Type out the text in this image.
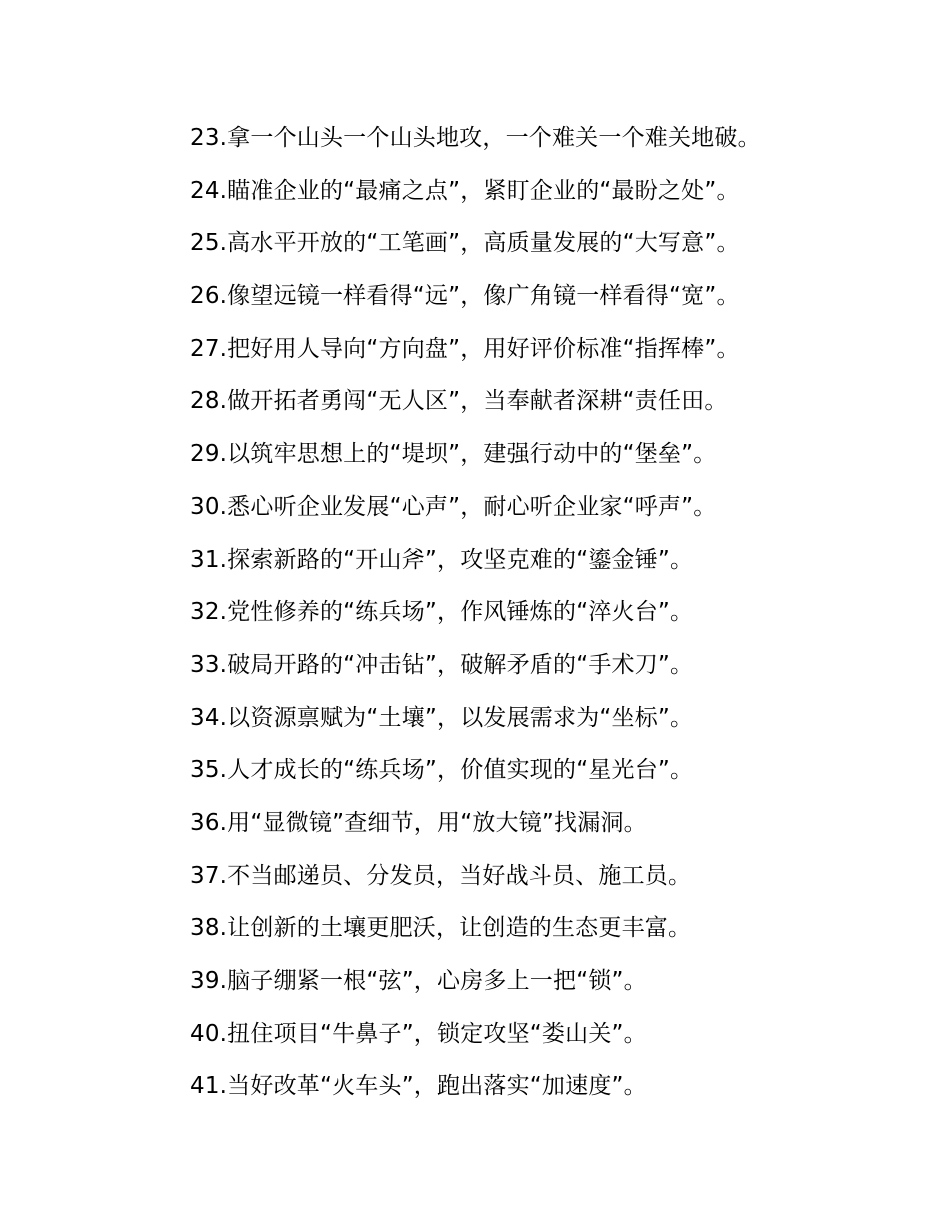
23.拿一个山头一个山头地攻，一个难关一个难关地破。
24.瞄准企业的“最痛之点”，紧盯企业的“最盼之处”。
25.高水平开放的“工笔画”，高质量发展的“大写意”。
26.像望远镜一样看得“远”，像广角镜一样看得“宽”。
27.把好用人导向“方向盘”，用好评价标准“指挥棒”。
28.做开拓者勇闯“无人区”，当奉献者深耕“责任田。
29.以筑牢思想上的“堤坝”，建强行动中的“堡垒”。
30.悉心听企业发展“心声”，耐心听企业家“呼声”。
31.探索新路的“开山斧”，攻坚克难的“鎏金锤”。
32.党性修养的“练兵场”，作风锤炼的“淬火台”。
33.破局开路的“冲击钻”，破解矛盾的“手术刀”。
34.以资源禀赋为“土壤”，以发展需求为“坐标”。
35.人才成长的“练兵场”，价值实现的“星光台”。
36.用“显微镜”查细节，用“放大镜”找漏洞。
37.不当邮递员、分发员，当好战斗员、施工员。
38.让创新的土壤更肥沃，让创造的生态更丰富。
39.脑子绷紧一根“弦”，心房多上一把“锁”。
40.扭住项目“牛鼻子”，锁定攻坚“娄山关”。
41.当好改革“火车头”，跑出落实“加速度”。
